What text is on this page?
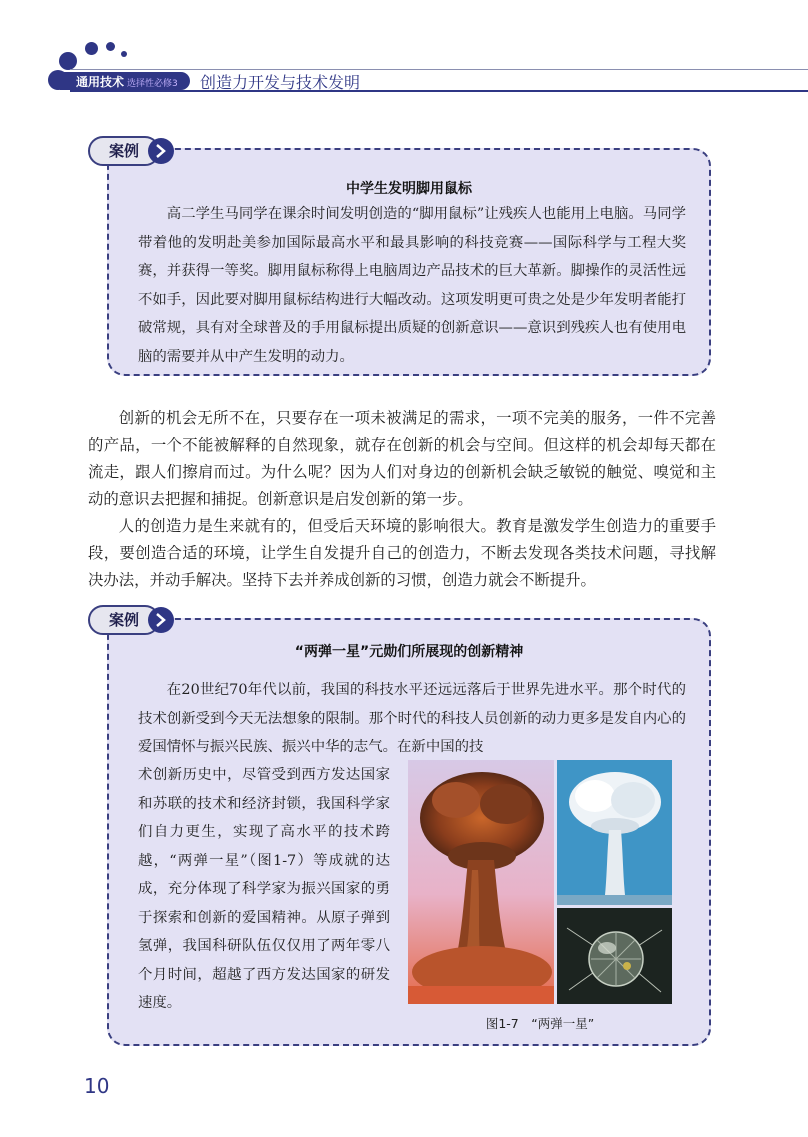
通用技术 选择性必修3 创造力开发与技术发明
案例
中学生发明脚用鼠标

高二学生马同学在课余时间发明创造的“脚用鼠标”让残疾人也能用上电脑。马同学带着他的发明赴美参加国际最高水平和最具影响的科技竞赛——国际科学与工程大奖赛，并获得一等奖。脚用鼠标称得上电脑周边产品技术的巨大革新。脚操作的灵活性远不如手，因此要对脚用鼠标结构进行大幅改动。这项发明更可贵之处是少年发明者能打破常规，具有对全球普及的手用鼠标提出质疑的创新意识——意识到残疾人也有使用电脑的需要并从中产生发明的动力。

创新的机会无所不在，只要存在一项未被满足的需求，一项不完美的服务，一件不完善的产品，一个不能被解释的自然现象，就存在创新的机会与空间。但这样的机会却每天都在流走，跟人们擦肩而过。为什么呢？因为人们对身边的创新机会缺乏敏锐的触觉、嗅觉和主动的意识去把握和捕捉。创新意识是启发创新的第一步。

人的创造力是生来就有的，但受后天环境的影响很大。教育是激发学生创造力的重要手段，要创造合适的环境，让学生自发提升自己的创造力，不断去发现各类技术问题，寻找解决办法，并动手解决。坚持下去并养成创新的习惯，创造力就会不断提升。

案例
“两弹一星”元勋们所展现的创新精神

在20世纪70年代以前，我国的科技水平还远远落后于世界先进水平。那个时代的技术创新受到今天无法想象的限制。那个时代的科技人员创新的动力更多是发自内心的爱国情怀与振兴民族、振兴中华的志气。在新中国的技

术创新历史中，尽管受到西方发达国家和苏联的技术和经济封锁，我国科学家们自力更生，实现了高水平的技术跨越，“两弹一星”（图1-7）等成就的达成，充分体现了科学家为振兴国家的勇于探索和创新的爱国精神。从原子弹到氢弹，我国科研队伍仅仅用了两年零八个月时间，超越了西方发达国家的研发速度。

图1-7　“两弹一星”
10
